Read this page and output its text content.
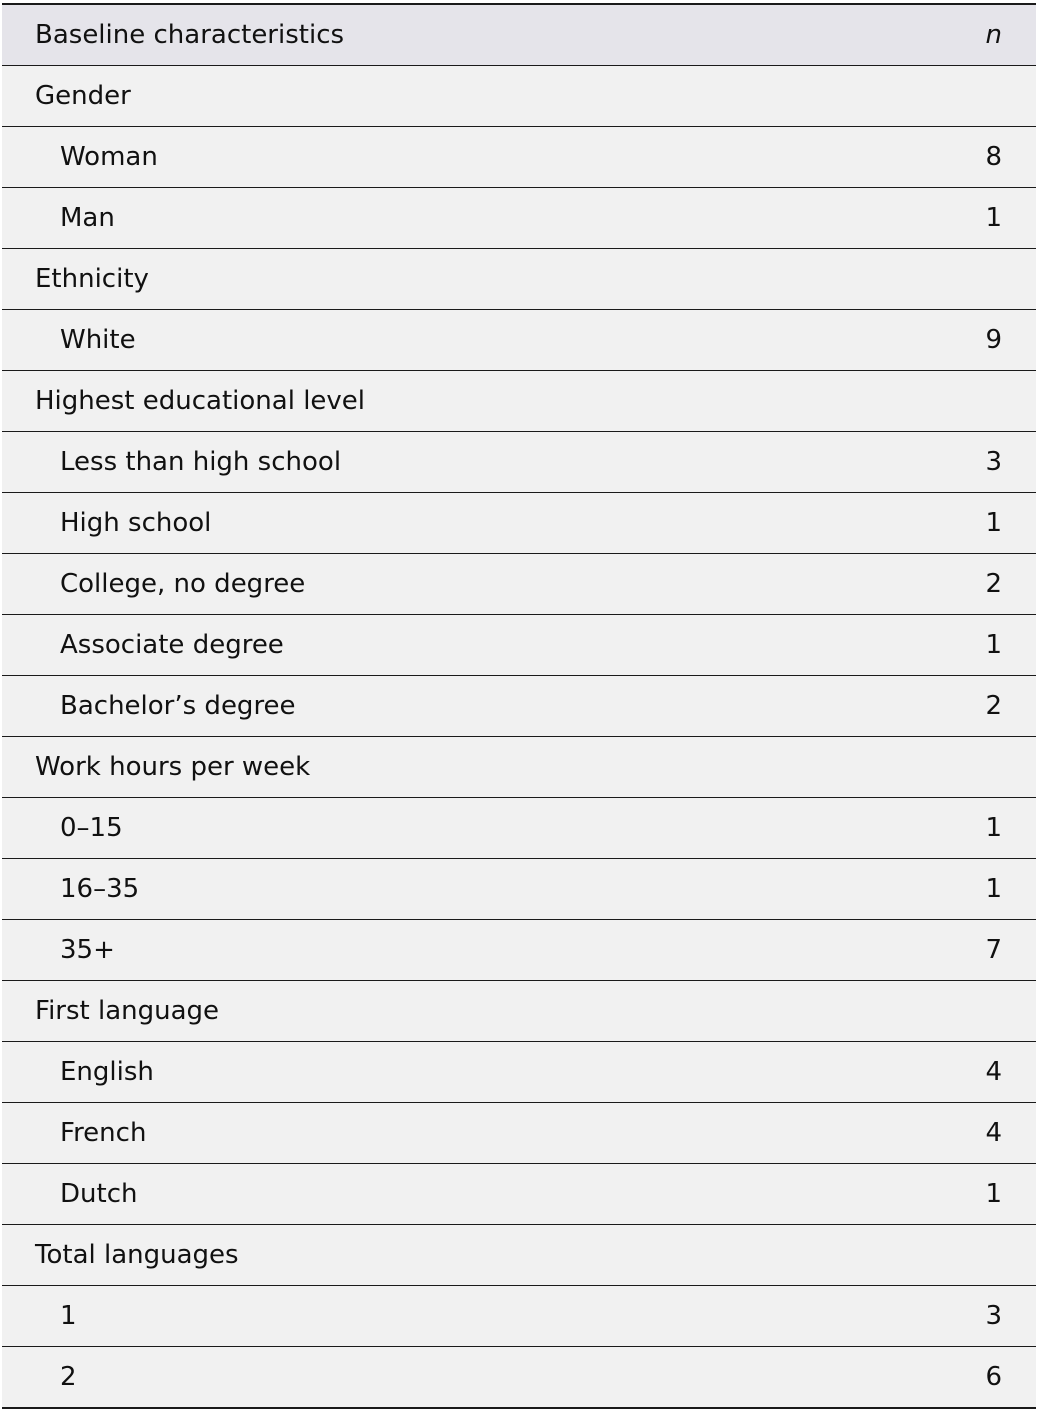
Baseline characteristics	n
Gender	
Woman	8
Man	1
Ethnicity	
White	9
Highest educational level	
Less than high school	3
High school	1
College, no degree	2
Associate degree	1
Bachelor’s degree	2
Work hours per week	
0–15	1
16–35	1
35+	7
First language	
English	4
French	4
Dutch	1
Total languages	
1	3
2	6
